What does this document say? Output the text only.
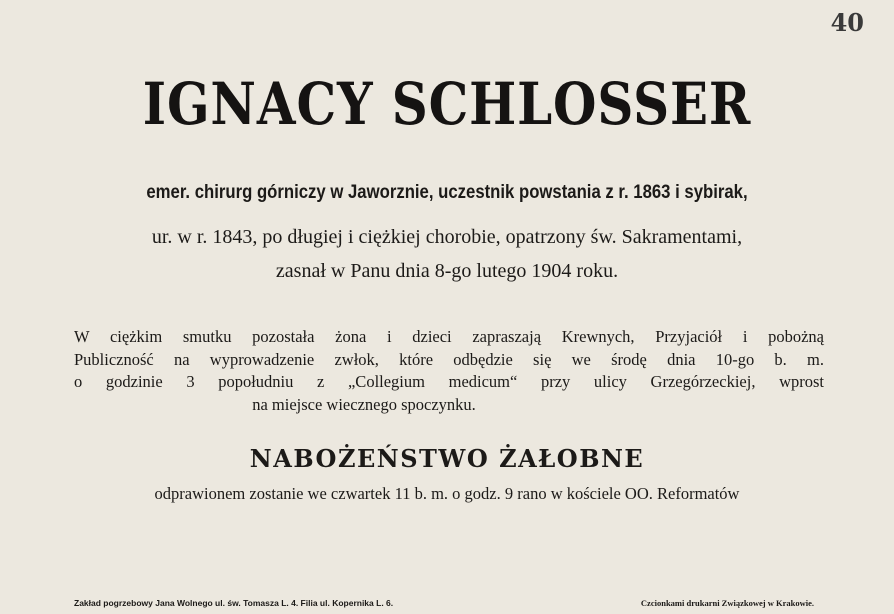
40
IGNACY SCHLOSSER
emer. chirurg górniczy w Jaworznie, uczestnik powstania z r. 1863 i sybirak,
ur. w r. 1843, po długiej i ciężkiej chorobie, opatrzony św. Sakramentami,
zasnał w Panu dnia 8-go lutego 1904 roku.
W ciężkim smutku pozostała żona i dzieci zapraszają Krewnych, Przyjaciół i pobożną
Publiczność na wyprowadzenie zwłok, które odbędzie się we środę dnia 10-go b. m.
o godzinie 3 popołudniu z „Collegium medicum“ przy ulicy Grzegórzeckiej, wprost
na miejsce wiecznego spoczynku.
NABOŻEŃSTWO ŻAŁOBNE
odprawionem zostanie we czwartek 11 b. m. o godz. 9 rano w kościele OO. Reformatów
Zakład pogrzebowy Jana Wolnego ul. św. Tomasza L. 4. Filia ul. Kopernika L. 6.	Czcionkami drukarni Związkowej w Krakowie.
